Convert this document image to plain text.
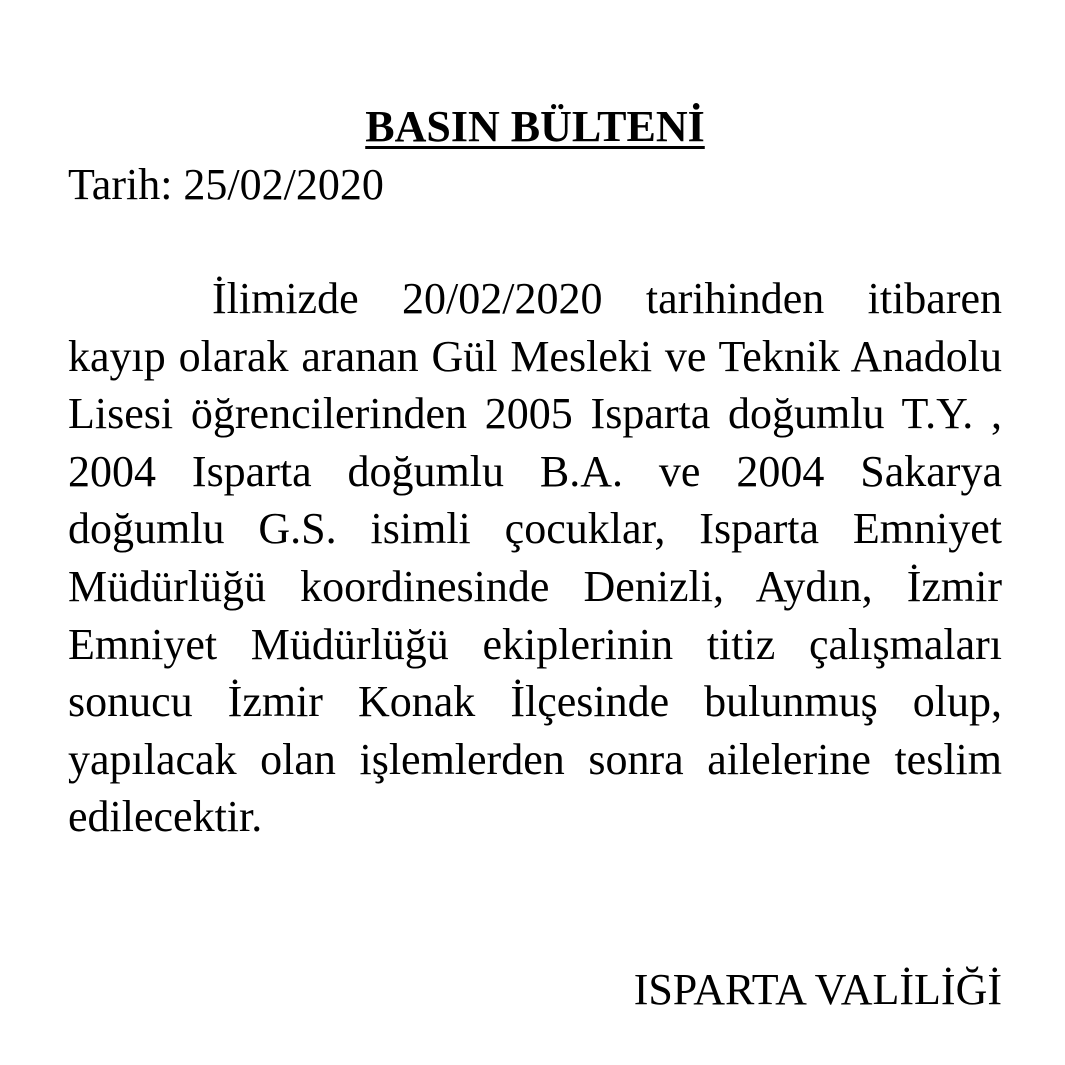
BASIN BÜLTENİ

Tarih: 25/02/2020

İlimizde 20/02/2020 tarihinden itibaren kayıp olarak aranan Gül Mesleki ve Teknik Anadolu Lisesi öğrencilerinden 2005 Isparta doğumlu T.Y. , 2004 Isparta doğumlu B.A. ve 2004 Sakarya doğumlu G.S. isimli çocuklar, Isparta Emniyet Müdürlüğü koordinesinde Denizli, Aydın, İzmir Emniyet Müdürlüğü ekiplerinin titiz çalışmaları sonucu İzmir Konak İlçesinde bulunmuş olup, yapılacak olan işlemlerden sonra ailelerine teslim edilecektir.

ISPARTA VALİLİĞİ
